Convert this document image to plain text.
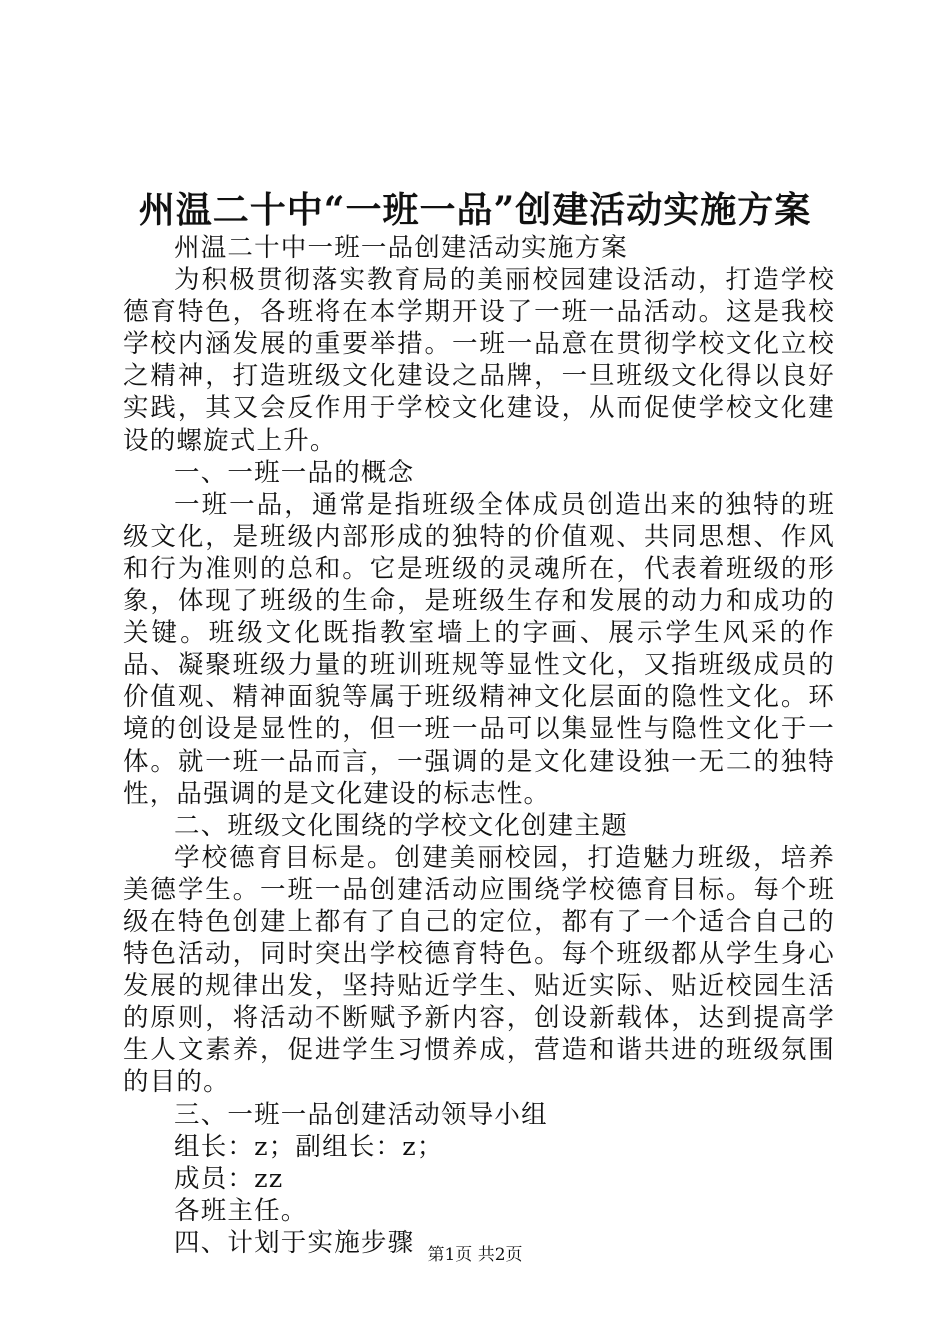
州温二十中“一班一品”创建活动实施方案

州温二十中一班一品创建活动实施方案

为积极贯彻落实教育局的美丽校园建设活动，打造学校德育特色，各班将在本学期开设了一班一品活动。这是我校学校内涵发展的重要举措。一班一品意在贯彻学校文化立校之精神，打造班级文化建设之品牌，一旦班级文化得以良好实践，其又会反作用于学校文化建设，从而促使学校文化建设的螺旋式上升。

一、一班一品的概念

一班一品，通常是指班级全体成员创造出来的独特的班级文化，是班级内部形成的独特的价值观、共同思想、作风和行为准则的总和。它是班级的灵魂所在，代表着班级的形象，体现了班级的生命，是班级生存和发展的动力和成功的关键。班级文化既指教室墙上的字画、展示学生风采的作品、凝聚班级力量的班训班规等显性文化，又指班级成员的价值观、精神面貌等属于班级精神文化层面的隐性文化。环境的创设是显性的，但一班一品可以集显性与隐性文化于一体。就一班一品而言，一强调的是文化建设独一无二的独特性，品强调的是文化建设的标志性。

二、班级文化围绕的学校文化创建主题

学校德育目标是。创建美丽校园，打造魅力班级，培养美德学生。一班一品创建活动应围绕学校德育目标。每个班级在特色创建上都有了自己的定位，都有了一个适合自己的特色活动，同时突出学校德育特色。每个班级都从学生身心发展的规律出发，坚持贴近学生、贴近实际、贴近校园生活的原则，将活动不断赋予新内容，创设新载体，达到提高学生人文素养，促进学生习惯养成，营造和谐共进的班级氛围的目的。

三、一班一品创建活动领导小组

组长：z；副组长：z；

成员：zz

各班主任。

四、计划于实施步骤 第1页 共2页
